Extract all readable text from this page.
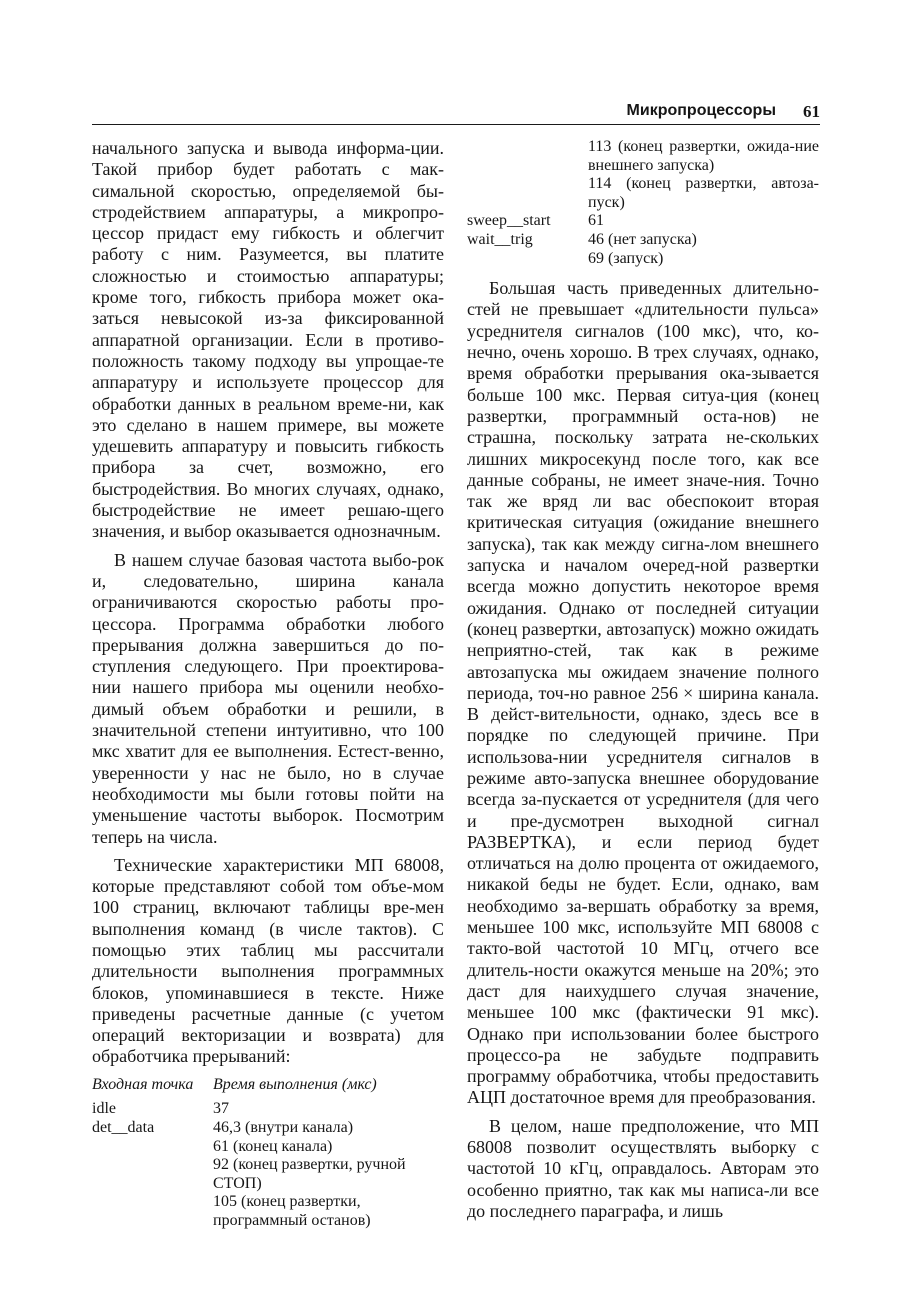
Микропроцессоры 61

начального запуска и вывода информа-ции. Такой прибор будет работать с мак-симальной скоростью, определяемой бы-стродействием аппаратуры, а микропро-цессор придаст ему гибкость и облегчит работу с ним. Разумеется, вы платите сложностью и стоимостью аппаратуры; кроме того, гибкость прибора может ока-заться невысокой из-за фиксированной аппаратной организации. Если в противо-положность такому подходу вы упрощае-те аппаратуру и используете процессор для обработки данных в реальном време-ни, как это сделано в нашем примере, вы можете удешевить аппаратуру и повысить гибкость прибора за счет, возможно, его быстродействия. Во многих случаях, однако, быстродействие не имеет решаю-щего значения, и выбор оказывается однозначным.

В нашем случае базовая частота выбо-рок и, следовательно, ширина канала ограничиваются скоростью работы про-цессора. Программа обработки любого прерывания должна завершиться до по-ступления следующего. При проектирова-нии нашего прибора мы оценили необхо-димый объем обработки и решили, в значительной степени интуитивно, что 100 мкс хватит для ее выполнения. Естест-венно, уверенности у нас не было, но в случае необходимости мы были готовы пойти на уменьшение частоты выборок. Посмотрим теперь на числа.

Технические характеристики МП 68008, которые представляют собой том объе-мом 100 страниц, включают таблицы вре-мен выполнения команд (в числе тактов). С помощью этих таблиц мы рассчитали длительности выполнения программных блоков, упоминавшиеся в тексте. Ниже приведены расчетные данные (с учетом операций векторизации и возврата) для обработчика прерываний:

Входная точка	Время выполнения (мкс)
idle	37
det__data	46,3 (внутри канала)
61 (конец канала)
92 (конец развертки, ручной СТОП)
105 (конец развертки, программный останов)
113 (конец развертки, ожида-ние внешнего запуска)
114 (конец развертки, автоза-пуск)
sweep__start	61
wait__trig	46 (нет запуска)
69 (запуск)

Большая часть приведенных длительно-стей не превышает «длительности пульса» усреднителя сигналов (100 мкс), что, ко-нечно, очень хорошо. В трех случаях, однако, время обработки прерывания ока-зывается больше 100 мкс. Первая ситуа-ция (конец развертки, программный оста-нов) не страшна, поскольку затрата не-скольких лишних микросекунд после того, как все данные собраны, не имеет значе-ния. Точно так же вряд ли вас обеспокоит вторая критическая ситуация (ожидание внешнего запуска), так как между сигна-лом внешнего запуска и началом очеред-ной развертки всегда можно допустить некоторое время ожидания. Однако от последней ситуации (конец развертки, автозапуск) можно ожидать неприятно-стей, так как в режиме автозапуска мы ожидаем значение полного периода, точ-но равное 256 × ширина канала. В дейст-вительности, однако, здесь все в порядке по следующей причине. При использова-нии усреднителя сигналов в режиме авто-запуска внешнее оборудование всегда за-пускается от усреднителя (для чего и пре-дусмотрен выходной сигнал РАЗВЕРТКА), и если период будет отличаться на долю процента от ожидаемого, никакой беды не будет. Если, однако, вам необходимо за-вершать обработку за время, меньшее 100 мкс, используйте МП 68008 с такто-вой частотой 10 МГц, отчего все длитель-ности окажутся меньше на 20%; это даст для наихудшего случая значение, меньшее 100 мкс (фактически 91 мкс). Однако при использовании более быстрого процессо-ра не забудьте подправить программу обработчика, чтобы предоставить АЦП достаточное время для преобразования.

В целом, наше предположение, что МП 68008 позволит осуществлять выборку с частотой 10 кГц, оправдалось. Авторам это особенно приятно, так как мы написа-ли все до последнего параграфа, и лишь
